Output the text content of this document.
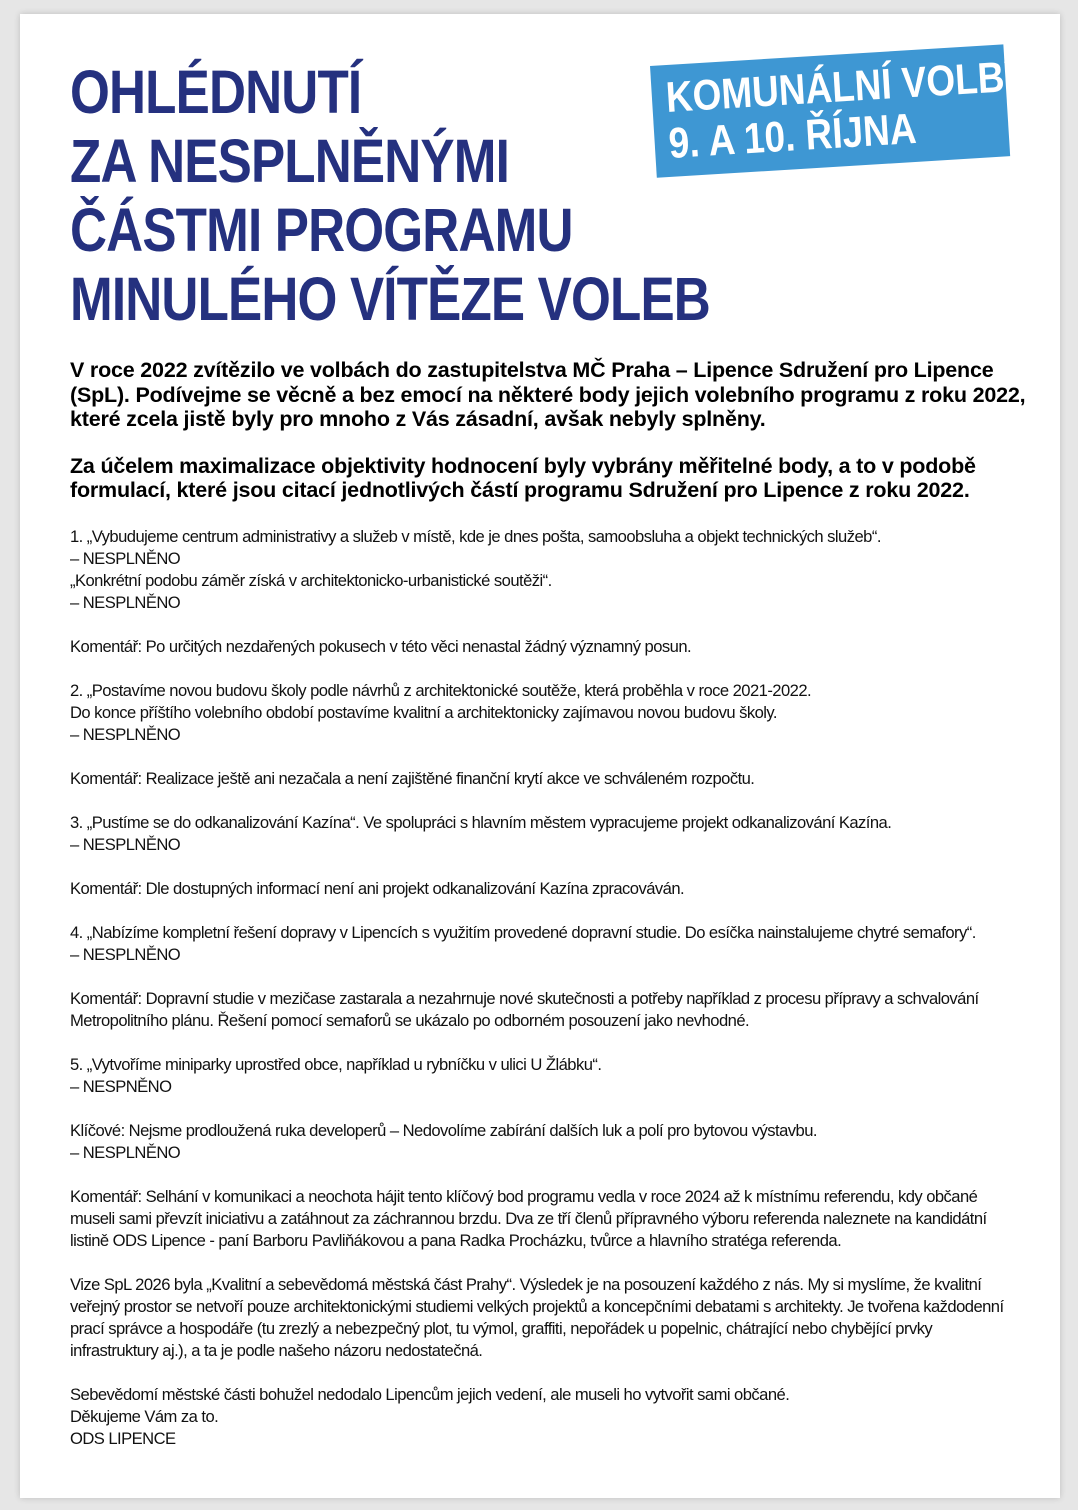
OHLÉDNUTÍ
ZA NESPLNĚNÝMI
ČÁSTMI PROGRAMU
MINULÉHO VÍTĚZE VOLEB
KOMUNÁLNÍ VOLBY
9. A 10. ŘÍJNA

V roce 2022 zvítězilo ve volbách do zastupitelstva MČ Praha – Lipence Sdružení pro Lipence (SpL). Podívejme se věcně a bez emocí na některé body jejich volebního programu z roku 2022, které zcela jistě byly pro mnoho z Vás zásadní, avšak nebyly splněny.

Za účelem maximalizace objektivity hodnocení byly vybrány měřitelné body, a to v podobě formulací, které jsou citací jednotlivých částí programu Sdružení pro Lipence z roku 2022.

1. „Vybudujeme centrum administrativy a služeb v místě, kde je dnes pošta, samoobsluha a objekt technických služeb“.
– NESPLNĚNO
„Konkrétní podobu záměr získá v architektonicko-urbanistické soutěži“.
– NESPLNĚNO
Komentář: Po určitých nezdařených pokusech v této věci nenastal žádný významný posun.
2. „Postavíme novou budovu školy podle návrhů z architektonické soutěže, která proběhla v roce 2021-2022.
Do konce příštího volebního období postavíme kvalitní a architektonicky zajímavou novou budovu školy.
– NESPLNĚNO
Komentář: Realizace ještě ani nezačala a není zajištěné finanční krytí akce ve schváleném rozpočtu.
3. „Pustíme se do odkanalizování Kazína“. Ve spolupráci s hlavním městem vypracujeme projekt odkanalizování Kazína.
– NESPLNĚNO
Komentář: Dle dostupných informací není ani projekt odkanalizování Kazína zpracováván.
4. „Nabízíme kompletní řešení dopravy v Lipencích s využitím provedené dopravní studie. Do esíčka nainstalujeme chytré semafory“.
– NESPLNĚNO
Komentář: Dopravní studie v mezičase zastarala a nezahrnuje nové skutečnosti a potřeby například z procesu přípravy a schvalování
Metropolitního plánu. Řešení pomocí semaforů se ukázalo po odborném posouzení jako nevhodné.
5. „Vytvoříme miniparky uprostřed obce, například u rybníčku v ulici U Žlábku“.
– NESPNĚNO
Klíčové: Nejsme prodloužená ruka developerů – Nedovolíme zabírání dalších luk a polí pro bytovou výstavbu.
– NESPLNĚNO
Komentář: Selhání v komunikaci a neochota hájit tento klíčový bod programu vedla v roce 2024 až k místnímu referendu, kdy občané
museli sami převzít iniciativu a zatáhnout za záchrannou brzdu. Dva ze tří členů přípravného výboru referenda naleznete na kandidátní
listině ODS Lipence - paní Barboru Pavliňákovou a pana Radka Procházku, tvůrce a hlavního stratéga referenda.
Vize SpL 2026 byla „Kvalitní a sebevědomá městská část Prahy“. Výsledek je na posouzení každého z nás. My si myslíme, že kvalitní
veřejný prostor se netvoří pouze architektonickými studiemi velkých projektů a koncepčními debatami s architekty. Je tvořena každodenní
prací správce a hospodáře (tu zrezlý a nebezpečný plot, tu výmol, graffiti, nepořádek u popelnic, chátrající nebo chybějící prvky
infrastruktury aj.), a ta je podle našeho názoru nedostatečná.
Sebevědomí městské části bohužel nedodalo Lipencům jejich vedení, ale museli ho vytvořit sami občané.
Děkujeme Vám za to.
ODS LIPENCE
